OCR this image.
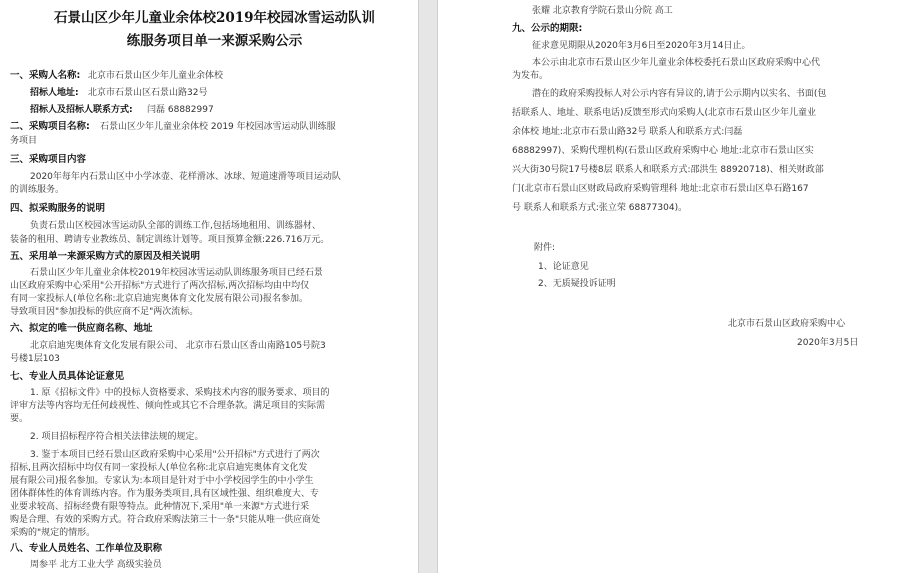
石景山区少年儿童业余体校2019年校园冰雪运动队训
练服务项目单一来源采购公示
一、采购人名称: 北京市石景山区少年儿童业余体校
招标人地址: 北京市石景山区石景山路32号
招标人及招标人联系方式: 闫磊 68882997
二、采购项目名称: 石景山区少年儿童业余体校 2019 年校园冰雪运动队训练服
务项目
三、采购项目内容
2020年每年内石景山区中小学冰壶、花样滑冰、冰球、短道速滑等项目运动队
的训练服务。
四、拟采购服务的说明
负责石景山区校园冰雪运动队全部的训练工作,包括场地租用、训练器材、
装备的租用、聘请专业教练员、制定训练计划等。项目预算金额:226.716万元。
五、采用单一来源采购方式的原因及相关说明
石景山区少年儿童业余体校2019年校园冰雪运动队训练服务项目已经石景
山区政府采购中心采用"公开招标"方式进行了两次招标,两次招标均由中均仅
有同一家投标人(单位名称:北京启迪宪奥体育文化发展有限公司)报名参加。
导致项目因"参加投标的供应商不足"两次流标。
六、拟定的唯一供应商名称、地址
北京启迪宪奥体育文化发展有限公司、 北京市石景山区香山南路105号院3
号楼1层103
七、专业人员具体论证意见
1. 原《招标文件》中的投标人资格要求、采购技术内容的服务要求、项目的
评审方法等内容均无任何歧视性、倾向性或其它不合理条款。满足项目的实际需
要。
2. 项目招标程序符合相关法律法规的规定。
3. 鉴于本项目已经石景山区政府采购中心采用"公开招标"方式进行了两次
招标,且两次招标中均仅有同一家投标人(单位名称:北京启迪宪奥体育文化发
展有限公司)报名参加。专家认为:本项目是针对于中小学校园学生的中小学生
团体群体性的体育训练内容。作为服务类项目,具有区域性强、组织难度大、专
业要求较高、招标经费有限等特点。此种情况下,采用"单一来源"方式进行采
购是合理、有效的采购方式。符合政府采购法第三十一条"只能从唯一供应商处
采购的"规定的情形。
八、专业人员姓名、工作单位及职称
周参平 北方工业大学 高级实验员
张耀 北京教育学院石景山分院 高工
九、公示的期限:
征求意见期限从2020年3月6日至2020年3月14日止。
本公示由北京市石景山区少年儿童业余体校委托石景山区政府采购中心代
为发布。
潜在的政府采购投标人对公示内容有异议的,请于公示期内以实名、书面(包
括联系人、地址、联系电话)反馈至形式向采购人(北京市石景山区少年儿童业
余体校 地址:北京市石景山路32号 联系人和联系方式:闫磊
68882997)、采购代理机构(石景山区政府采购中心 地址:北京市石景山区实
兴大街30号院17号楼8层 联系人和联系方式:邵洪生 88920718)、相关财政部
门(北京市石景山区财政局政府采购管理科 地址:北京市石景山区阜石路167
号 联系人和联系方式:张立荣 68877304)。
附件:
1、论证意见
2、无质疑投诉证明
北京市石景山区政府采购中心
2020年3月5日
